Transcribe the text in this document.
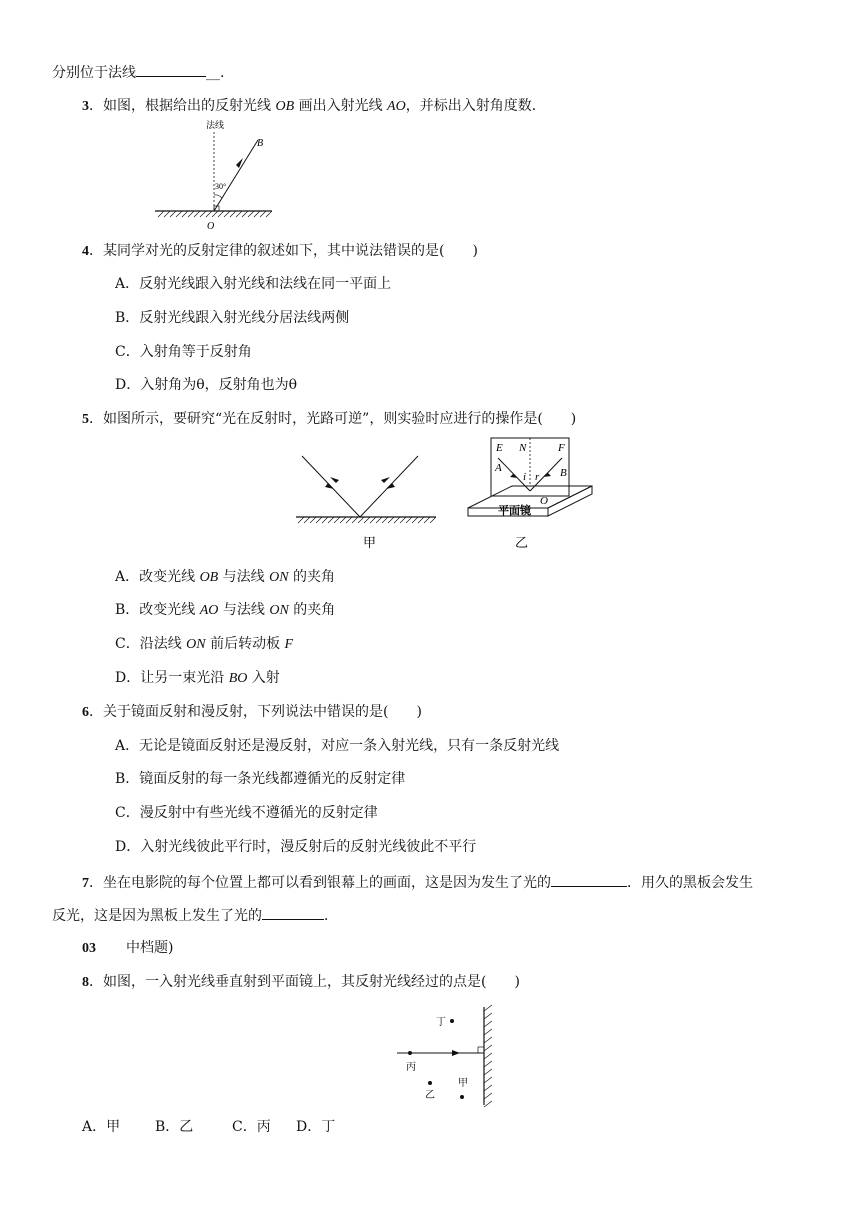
分别位于法线	__.
3．如图，根据给出的反射光线 OB 画出入射光线 AO，并标出入射角度数．
法线
B
30°
O
4．某同学对光的反射定律的叙述如下，其中说法错误的是(　　)
A．反射光线跟入射光线和法线在同一平面上
B．反射光线跟入射光线分居法线两侧
C．入射角等于反射角
D．入射角为θ，反射角也为θ
5．如图所示，要研究“光在反射时，光路可逆”，则实验时应进行的操作是(　　)
甲
E N	F
A
i r B
O
平面镜
乙
A．改变光线 OB 与法线 ON 的夹角
B．改变光线 AO 与法线 ON 的夹角
C．沿法线 ON 前后转动板 F
D．让另一束光沿 BO 入射
6．关于镜面反射和漫反射，下列说法中错误的是(　　)
A．无论是镜面反射还是漫反射，对应一条入射光线，只有一条反射光线
B．镜面反射的每一条光线都遵循光的反射定律
C．漫反射中有些光线不遵循光的反射定律
D．入射光线彼此平行时，漫反射后的反射光线彼此不平行
7．坐在电影院的每个位置上都可以看到银幕上的画面，这是因为发生了光的	．用久的黑板会发生
反光，这是因为黑板上发生了光的	．
03 中档题)
8．如图，一入射光线垂直射到平面镜上，其反射光线经过的点是(　　)
丙
丁
乙
甲
A．甲 B．乙	C．丙 D．丁
